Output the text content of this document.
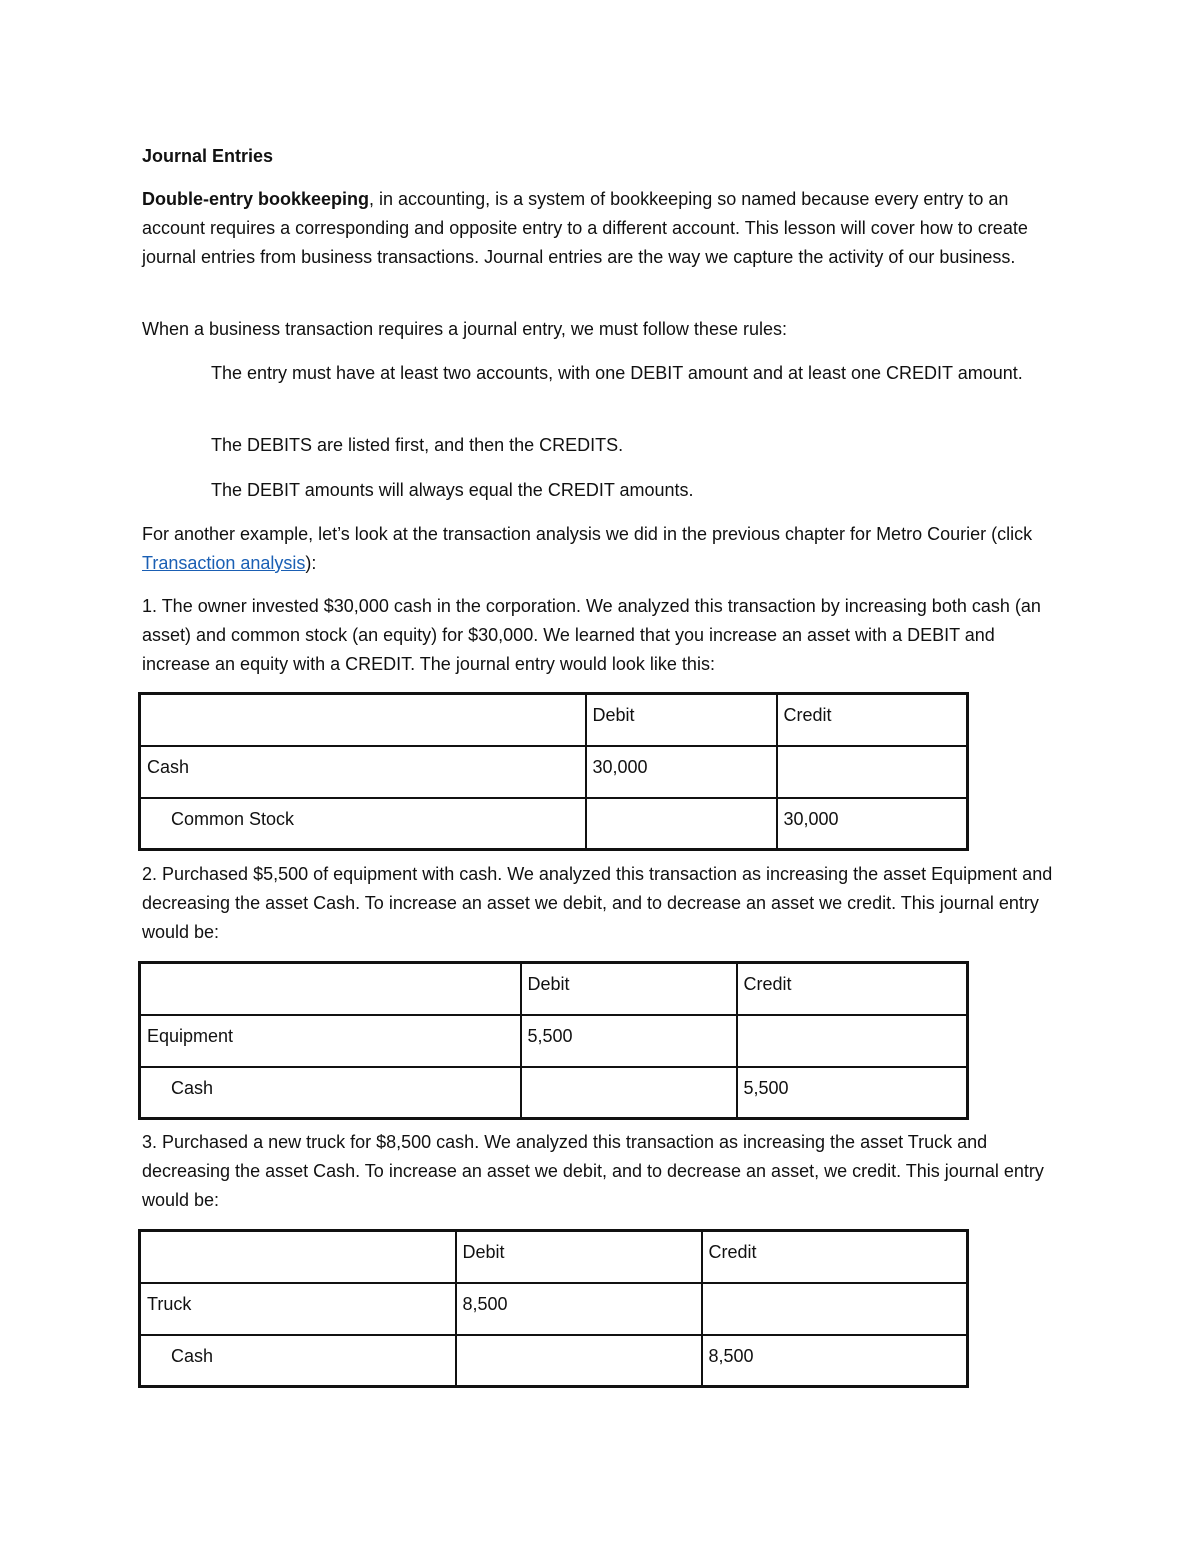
Journal Entries

Double-entry bookkeeping, in accounting, is a system of bookkeeping so named because every entry to an account requires a corresponding and opposite entry to a different account. This lesson will cover how to create journal entries from business transactions. Journal entries are the way we capture the activity of our business.

When a business transaction requires a journal entry, we must follow these rules:

The entry must have at least two accounts, with one DEBIT amount and at least one CREDIT amount.

The DEBITS are listed first, and then the CREDITS.

The DEBIT amounts will always equal the CREDIT amounts.

For another example, let’s look at the transaction analysis we did in the previous chapter for Metro Courier (click Transaction analysis):

1. The owner invested $30,000 cash in the corporation. We analyzed this transaction by increasing both cash (an asset) and common stock (an equity) for $30,000. We learned that you increase an asset with a DEBIT and increase an equity with a CREDIT. The journal entry would look like this:

	Debit	Credit
Cash	30,000	
Common Stock		30,000

2. Purchased $5,500 of equipment with cash. We analyzed this transaction as increasing the asset Equipment and decreasing the asset Cash. To increase an asset we debit, and to decrease an asset we credit. This journal entry would be:

	Debit	Credit
Equipment	5,500	
Cash		5,500

3. Purchased a new truck for $8,500 cash. We analyzed this transaction as increasing the asset Truck and decreasing the asset Cash. To increase an asset we debit, and to decrease an asset, we credit. This journal entry would be:

	Debit	Credit
Truck	8,500	
Cash		8,500
